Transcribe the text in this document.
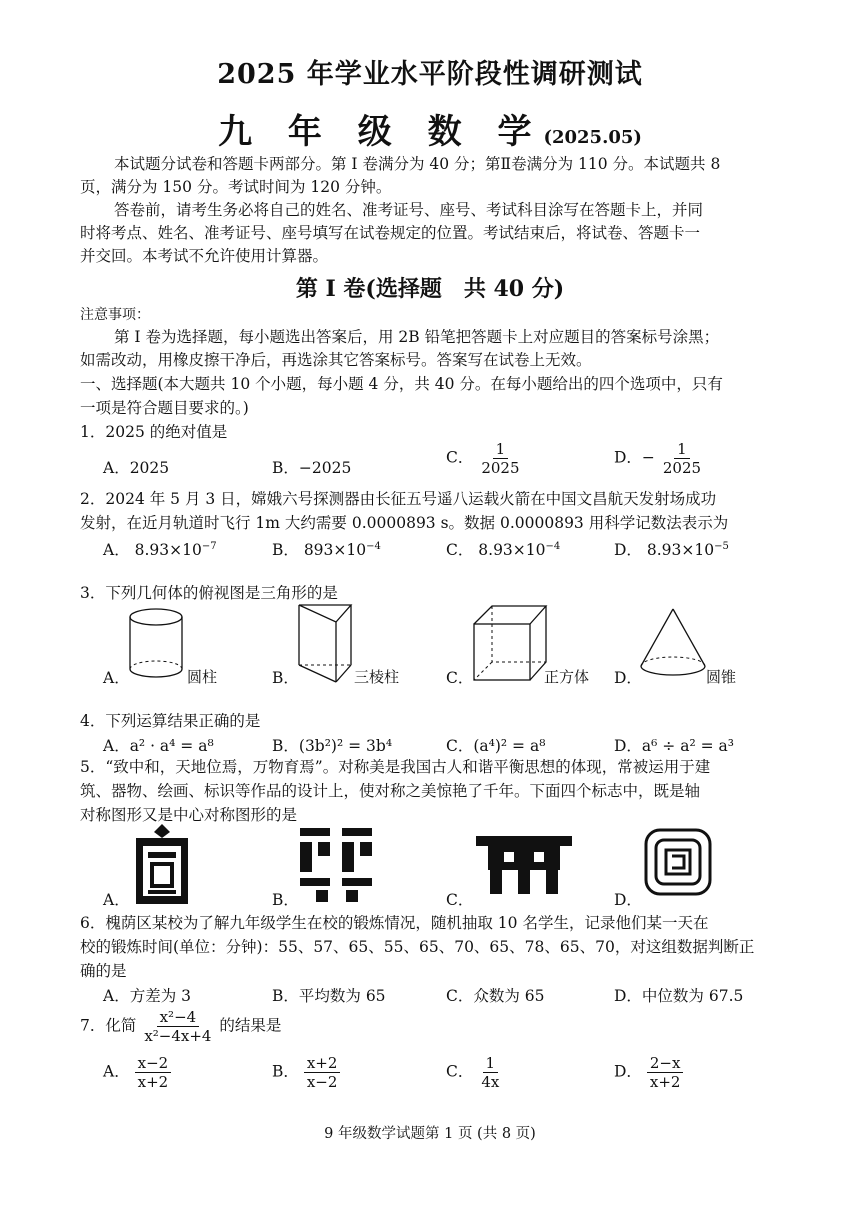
2025 年学业水平阶段性调研测试
九 年 级 数 学(2025.05)
本试题分试卷和答题卡两部分。第 I 卷满分为 40 分；第Ⅱ卷满分为 110 分。本试题共 8
页，满分为 150 分。考试时间为 120 分钟。
答卷前，请考生务必将自己的姓名、准考证号、座号、考试科目涂写在答题卡上，并同
时将考点、姓名、准考证号、座号填写在试卷规定的位置。考试结束后，将试卷、答题卡一
并交回。本考试不允许使用计算器。
第 I 卷(选择题　共 40 分)
注意事项：
第 I 卷为选择题，每小题选出答案后，用 2B 铅笔把答题卡上对应题目的答案标号涂黑；
如需改动，用橡皮擦干净后，再选涂其它答案标号。答案写在试卷上无效。
一、选择题(本大题共 10 个小题，每小题 4 分，共 40 分。在每小题给出的四个选项中，只有
一项是符合题目要求的。)
1．2025 的绝对值是
A．2025	B．−2025
C． $\frac{1}{2025}$	D．− $\frac{1}{2025}$
2．2024 年 5 月 3 日，嫦娥六号探测器由长征五号遥八运载火箭在中国文昌航天发射场成功
发射，在近月轨道时飞行 1m 大约需要 0.0000893 s。数据 0.0000893 用科学记数法表示为
A． $8.93\times 10^{-7}$	B． $893\times 10^{-4}$	C． $8.93\times 10^{-4}$	D． $8.93\times 10^{-5}$
3．下列几何体的俯视图是三角形的是
A．	圆柱	B．	三棱柱	C．	正方体 D．	圆锥
4．下列运算结果正确的是
A．a² · a⁴ = a⁸	B．(3b²)² = 3b⁴	C．(a⁴)² = a⁸	D．a⁶ ÷ a² = a³
5．“致中和，天地位焉，万物育焉”。对称美是我国古人和谐平衡思想的体现，常被运用于建
筑、器物、绘画、标识等作品的设计上，使对称之美惊艳了千年。下面四个标志中，既是轴
对称图形又是中心对称图形的是
A．	B．	C．	D．
6．槐荫区某校为了解九年级学生在校的锻炼情况，随机抽取 10 名学生，记录他们某一天在
校的锻炼时间(单位：分钟)：55、57、65、55、65、70、65、78、65、70，对这组数据判断正
确的是
A．方差为 3	B．平均数为 65	C．众数为 65	D．中位数为 67.5
7．化简 $\frac{\text{x²−4}}{\text{x²−4x+4}}$ 的结果是
A． $\frac{x-2}{x+2}$	B． $\frac{x+2}{x-2}$	C． $\frac{1}{4x}$	D． $\frac{2-x}{x+2}$
9 年级数学试题第 1 页 (共 8 页)
